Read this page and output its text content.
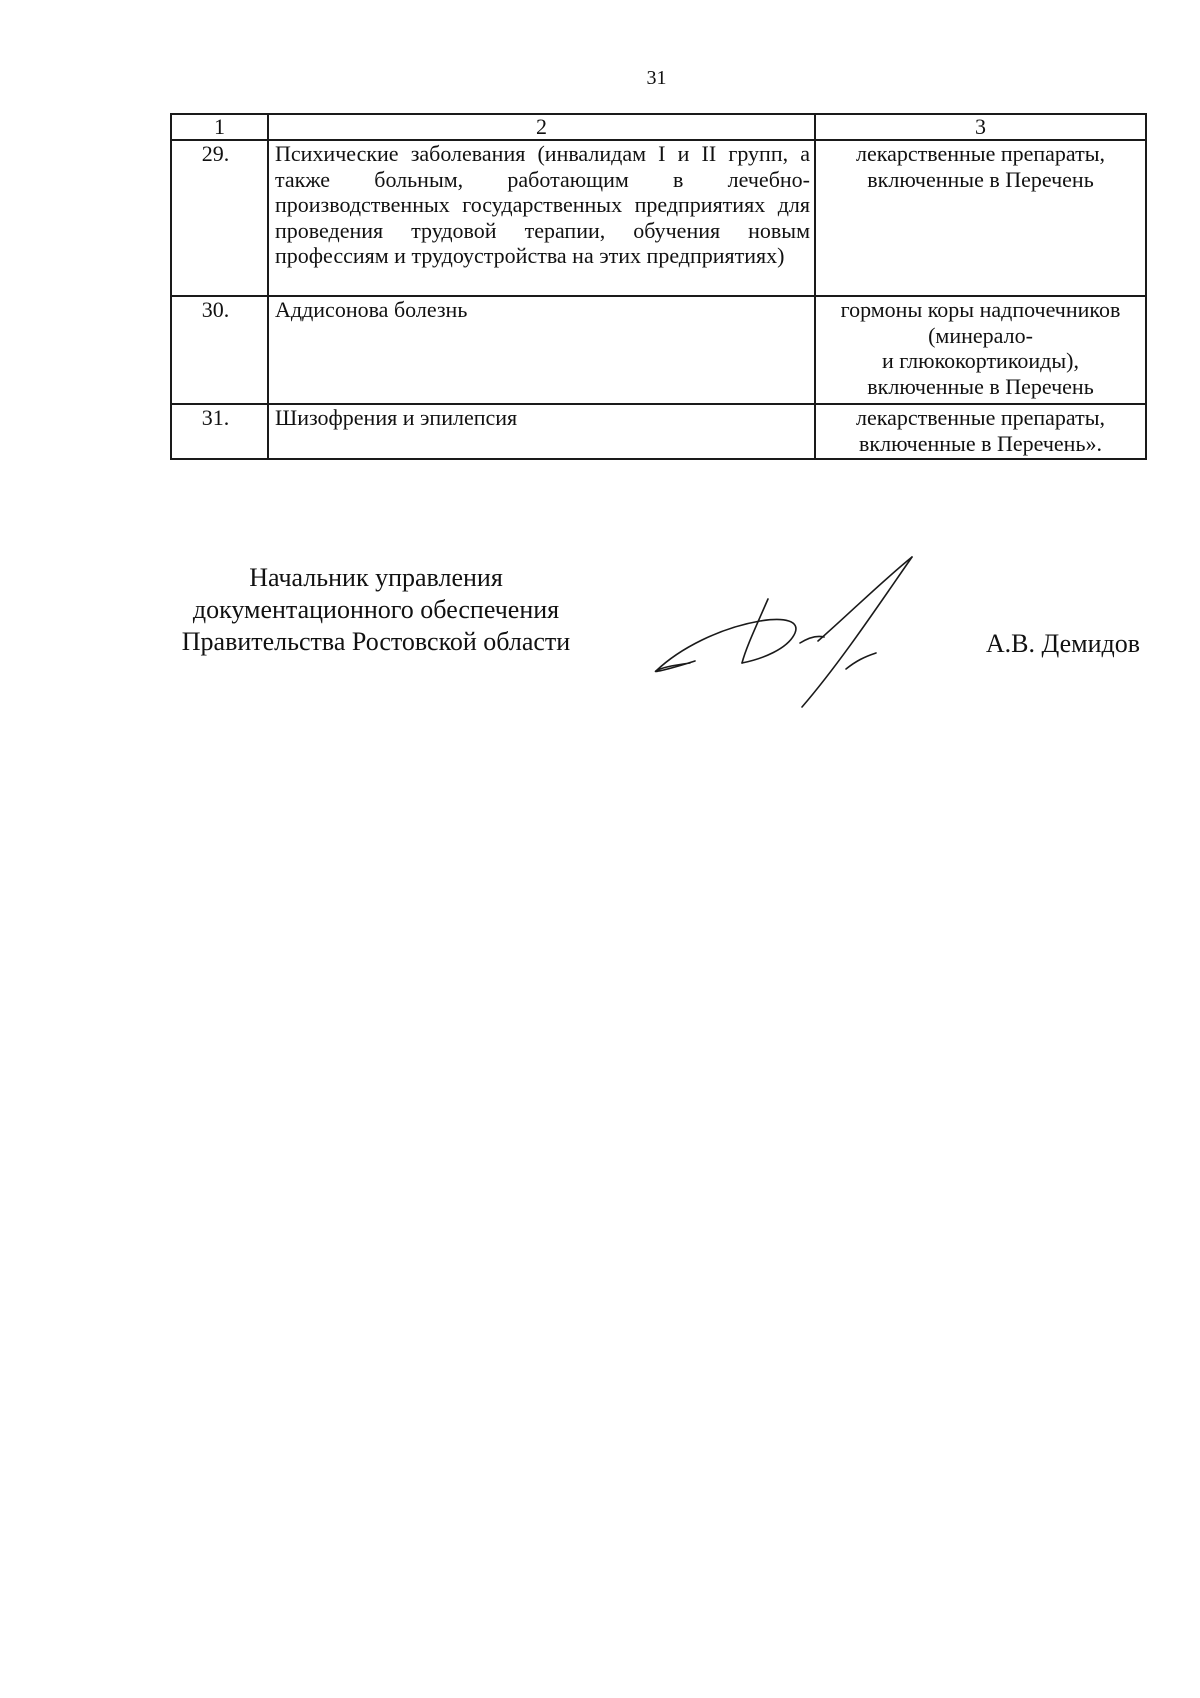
31
1	2	3
29.	Психические заболевания (инвалидам I и II групп, а также больным, работающим в лечебно-производственных государственных предприятиях для проведения трудовой терапии, обучения новым профессиям и трудоустройства на этих предприятиях)	лекарственные препараты, включенные в Перечень
30.	Аддисонова болезнь	гормоны коры надпочечников
(минерало-
и глюкокортикоиды),
включенные в Перечень

31.	Шизофрения и эпилепсия	лекарственные препараты, включенные в Перечень».
Начальник управления
документационного обеспечения
Правительства Ростовской области	А.В. Демидов
